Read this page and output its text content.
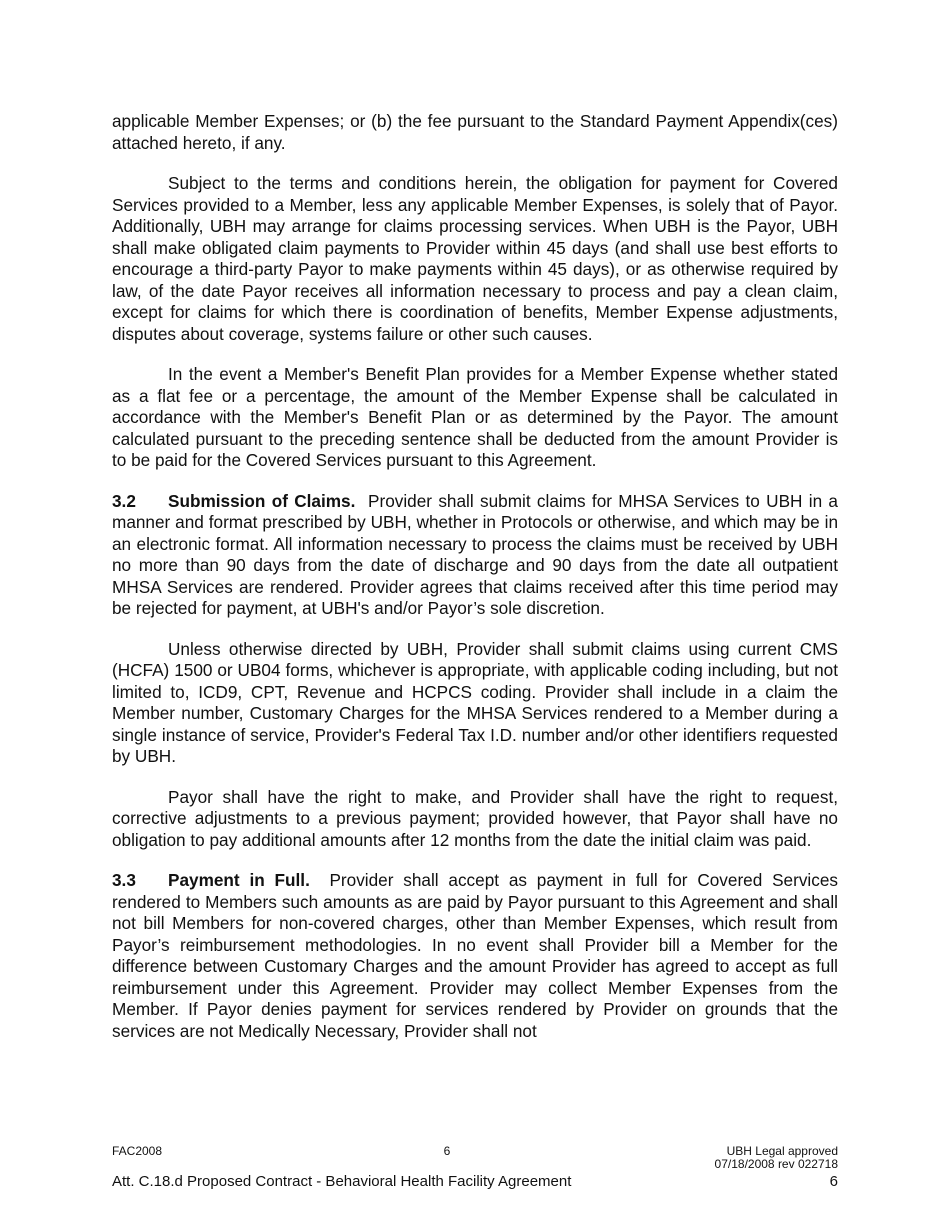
applicable Member Expenses; or (b) the fee pursuant to the Standard Payment Appendix(ces) attached hereto, if any.

Subject to the terms and conditions herein, the obligation for payment for Covered Services provided to a Member, less any applicable Member Expenses, is solely that of Payor. Additionally, UBH may arrange for claims processing services. When UBH is the Payor, UBH shall make obligated claim payments to Provider within 45 days (and shall use best efforts to encourage a third-party Payor to make payments within 45 days), or as otherwise required by law, of the date Payor receives all information necessary to process and pay a clean claim, except for claims for which there is coordination of benefits, Member Expense adjustments, disputes about coverage, systems failure or other such causes.

In the event a Member's Benefit Plan provides for a Member Expense whether stated as a flat fee or a percentage, the amount of the Member Expense shall be calculated in accordance with the Member's Benefit Plan or as determined by the Payor. The amount calculated pursuant to the preceding sentence shall be deducted from the amount Provider is to be paid for the Covered Services pursuant to this Agreement.

3.2 Submission of Claims. Provider shall submit claims for MHSA Services to UBH in a manner and format prescribed by UBH, whether in Protocols or otherwise, and which may be in an electronic format. All information necessary to process the claims must be received by UBH no more than 90 days from the date of discharge and 90 days from the date all outpatient MHSA Services are rendered. Provider agrees that claims received after this time period may be rejected for payment, at UBH's and/or Payor’s sole discretion.

Unless otherwise directed by UBH, Provider shall submit claims using current CMS (HCFA) 1500 or UB04 forms, whichever is appropriate, with applicable coding including, but not limited to, ICD9, CPT, Revenue and HCPCS coding. Provider shall include in a claim the Member number, Customary Charges for the MHSA Services rendered to a Member during a single instance of service, Provider's Federal Tax I.D. number and/or other identifiers requested by UBH.

Payor shall have the right to make, and Provider shall have the right to request, corrective adjustments to a previous payment; provided however, that Payor shall have no obligation to pay additional amounts after 12 months from the date the initial claim was paid.

3.3 Payment in Full. Provider shall accept as payment in full for Covered Services rendered to Members such amounts as are paid by Payor pursuant to this Agreement and shall not bill Members for non-covered charges, other than Member Expenses, which result from Payor’s reimbursement methodologies. In no event shall Provider bill a Member for the difference between Customary Charges and the amount Provider has agreed to accept as full reimbursement under this Agreement. Provider may collect Member Expenses from the Member. If Payor denies payment for services rendered by Provider on grounds that the services are not Medically Necessary, Provider shall not

FAC2008	6	UBH Legal approved
07/18/2008 rev 022718
Att. C.18.d Proposed Contract - Behavioral Health Facility Agreement	6
